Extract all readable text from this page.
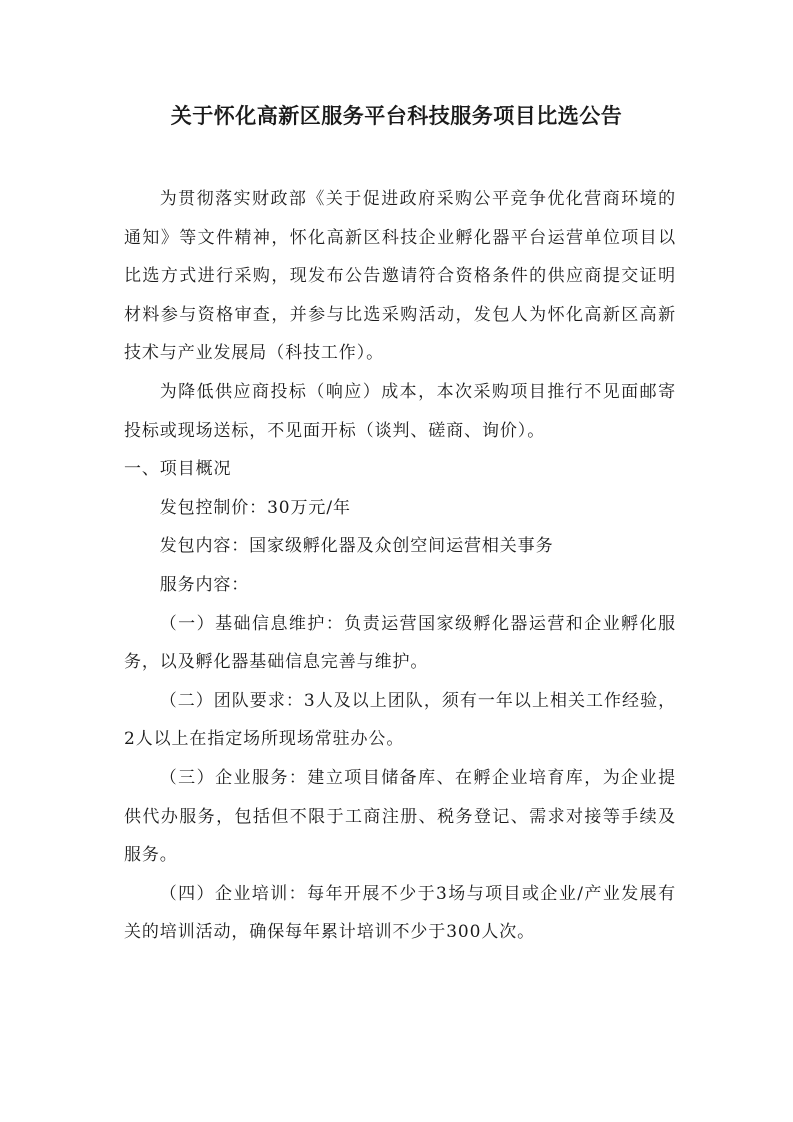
关于怀化高新区服务平台科技服务项目比选公告

为贯彻落实财政部《关于促进政府采购公平竞争优化营商环境的通知》等文件精神，怀化高新区科技企业孵化器平台运营单位项目以比选方式进行采购，现发布公告邀请符合资格条件的供应商提交证明材料参与资格审查，并参与比选采购活动，发包人为怀化高新区高新技术与产业发展局（科技工作）。

为降低供应商投标（响应）成本，本次采购项目推行不见面邮寄投标或现场送标，不见面开标（谈判、磋商、询价）。

一、项目概况

发包控制价：30万元/年

发包内容：国家级孵化器及众创空间运营相关事务

服务内容：

（一）基础信息维护：负责运营国家级孵化器运营和企业孵化服务，以及孵化器基础信息完善与维护。

（二）团队要求：3人及以上团队，须有一年以上相关工作经验，2人以上在指定场所现场常驻办公。

（三）企业服务：建立项目储备库、在孵企业培育库，为企业提供代办服务，包括但不限于工商注册、税务登记、需求对接等手续及服务。

（四）企业培训：每年开展不少于3场与项目或企业/产业发展有关的培训活动，确保每年累计培训不少于300人次。
